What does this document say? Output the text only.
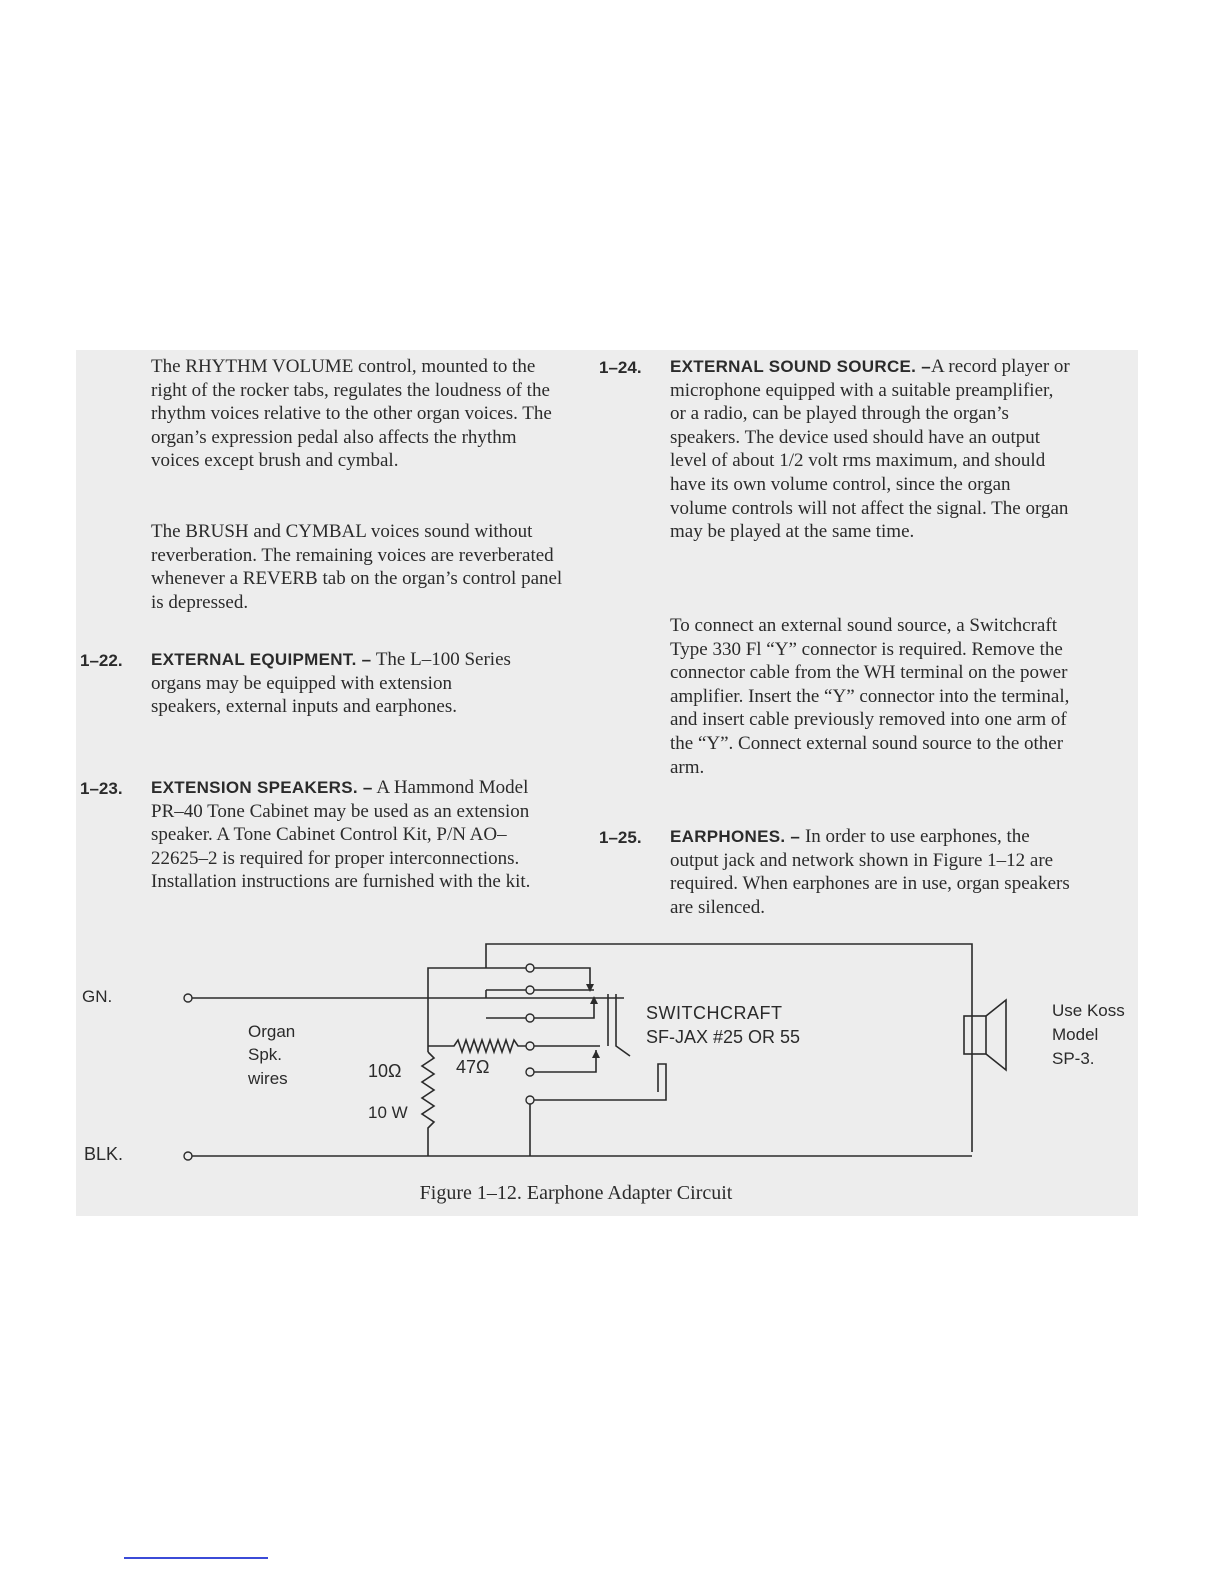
The RHYTHM VOLUME control, mounted to the right of the rocker tabs, regulates the loudness of the rhythm voices relative to the other organ voices. The organ’s expression pedal also affects the rhythm voices except brush and cymbal.

The BRUSH and CYMBAL voices sound without reverberation. The remaining voices are reverberated whenever a REVERB tab on the organ’s control panel is depressed.

1–22. EXTERNAL EQUIPMENT. – The L–100 Series organs may be equipped with extension speakers, external inputs and earphones.

1–23. EXTENSION SPEAKERS. – A Hammond Model PR–40 Tone Cabinet may be used as an extension speaker. A Tone Cabinet Control Kit, P/N AO–22625–2 is required for proper interconnections. Installation instructions are furnished with the kit.

1–24. EXTERNAL SOUND SOURCE. –A record player or microphone equipped with a suitable preamplifier, or a radio, can be played through the organ’s speakers. The device used should have an output level of about 1/2 volt rms maximum, and should have its own volume control, since the organ volume controls will not affect the signal. The organ may be played at the same time.

To connect an external sound source, a Switchcraft Type 330 Fl “Y” connector is required. Remove the connector cable from the WH terminal on the power amplifier. Insert the “Y” connector into the terminal, and insert cable previously removed into one arm of the “Y”. Connect external sound source to the other arm.

1–25. EARPHONES. – In order to use earphones, the output jack and network shown in Figure 1–12 are required. When earphones are in use, organ speakers are silenced.

GN.
BLK.
Organ
Spk.
wires	10Ω
10 W
47Ω
SWITCHCRAFT
SF-JAX #25 OR 55
Use Koss
Model
SP-3.
Figure 1–12. Earphone Adapter Circuit
